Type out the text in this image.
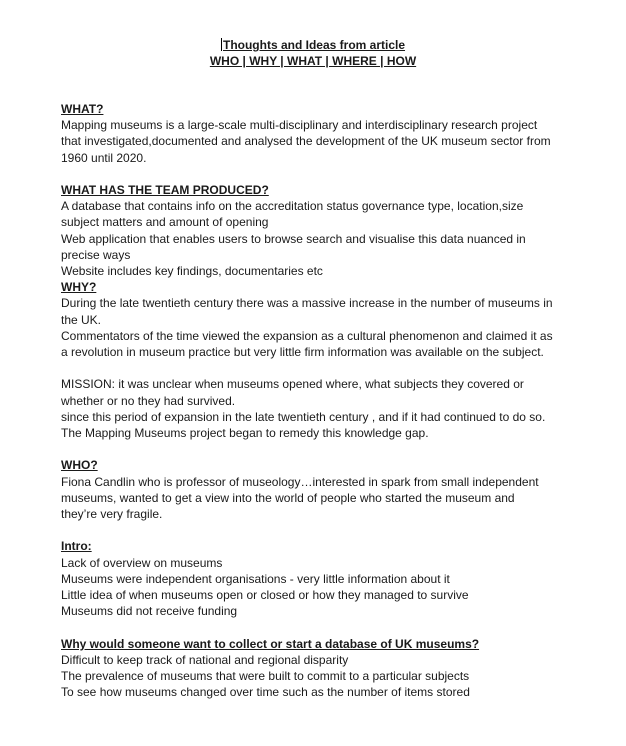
Thoughts and Ideas from article
WHO | WHY | WHAT | WHERE | HOW
WHAT?
Mapping museums is a large-scale multi-disciplinary and interdisciplinary research project
that investigated,documented and analysed the development of the UK museum sector from
1960 until 2020.
WHAT HAS THE TEAM PRODUCED?
A database that contains info on the accreditation status governance type, location,size
subject matters and amount of opening
Web application that enables users to browse search and visualise this data nuanced in
precise ways
Website includes key findings, documentaries etc
WHY?
During the late twentieth century there was a massive increase in the number of museums in
the UK.
Commentators of the time viewed the expansion as a cultural phenomenon and claimed it as
a revolution in museum practice but very little firm information was available on the subject.
MISSION: it was unclear when museums opened where, what subjects they covered or
whether or no they had survived.
since this period of expansion in the late twentieth century , and if it had continued to do so.
The Mapping Museums project began to remedy this knowledge gap.
WHO?
Fiona Candlin who is professor of museology…interested in spark from small independent
museums, wanted to get a view into the world of people who started the museum and
they’re very fragile.
Intro:
Lack of overview on museums
Museums were independent organisations - very little information about it
Little idea of when museums open or closed or how they managed to survive
Museums did not receive funding
Why would someone want to collect or start a database of UK museums?
Difficult to keep track of national and regional disparity
The prevalence of museums that were built to commit to a particular subjects
To see how museums changed over time such as the number of items stored
